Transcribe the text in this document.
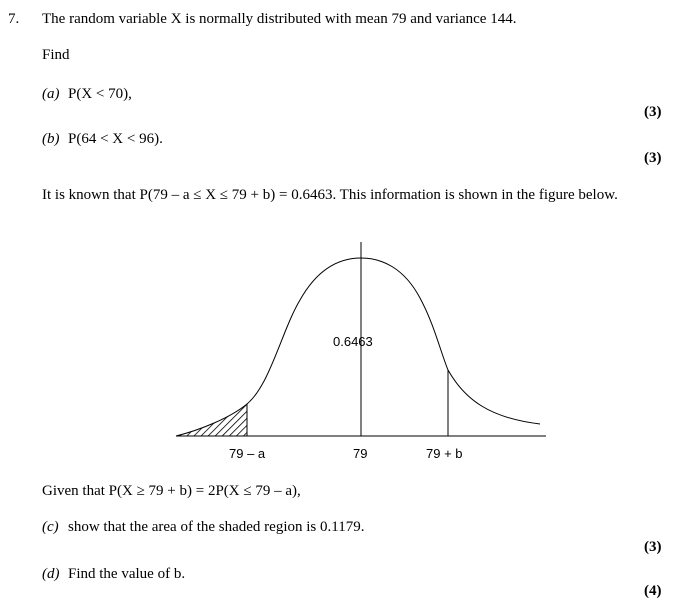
7. The random variable X is normally distributed with mean 79 and variance 144.
Find
(a) P(X < 70),
(3)
(b) P(64 < X < 96).
(3)
It is known that P(79 – a ≤ X ≤ 79 + b) = 0.6463. This information is shown in the figure below.
0.6463
79 – a	79	79 + b
Given that P(X ≥ 79 + b) = 2P(X ≤ 79 – a),
(c) show that the area of the shaded region is 0.1179.
(3)
(d) Find the value of b.
(4)
